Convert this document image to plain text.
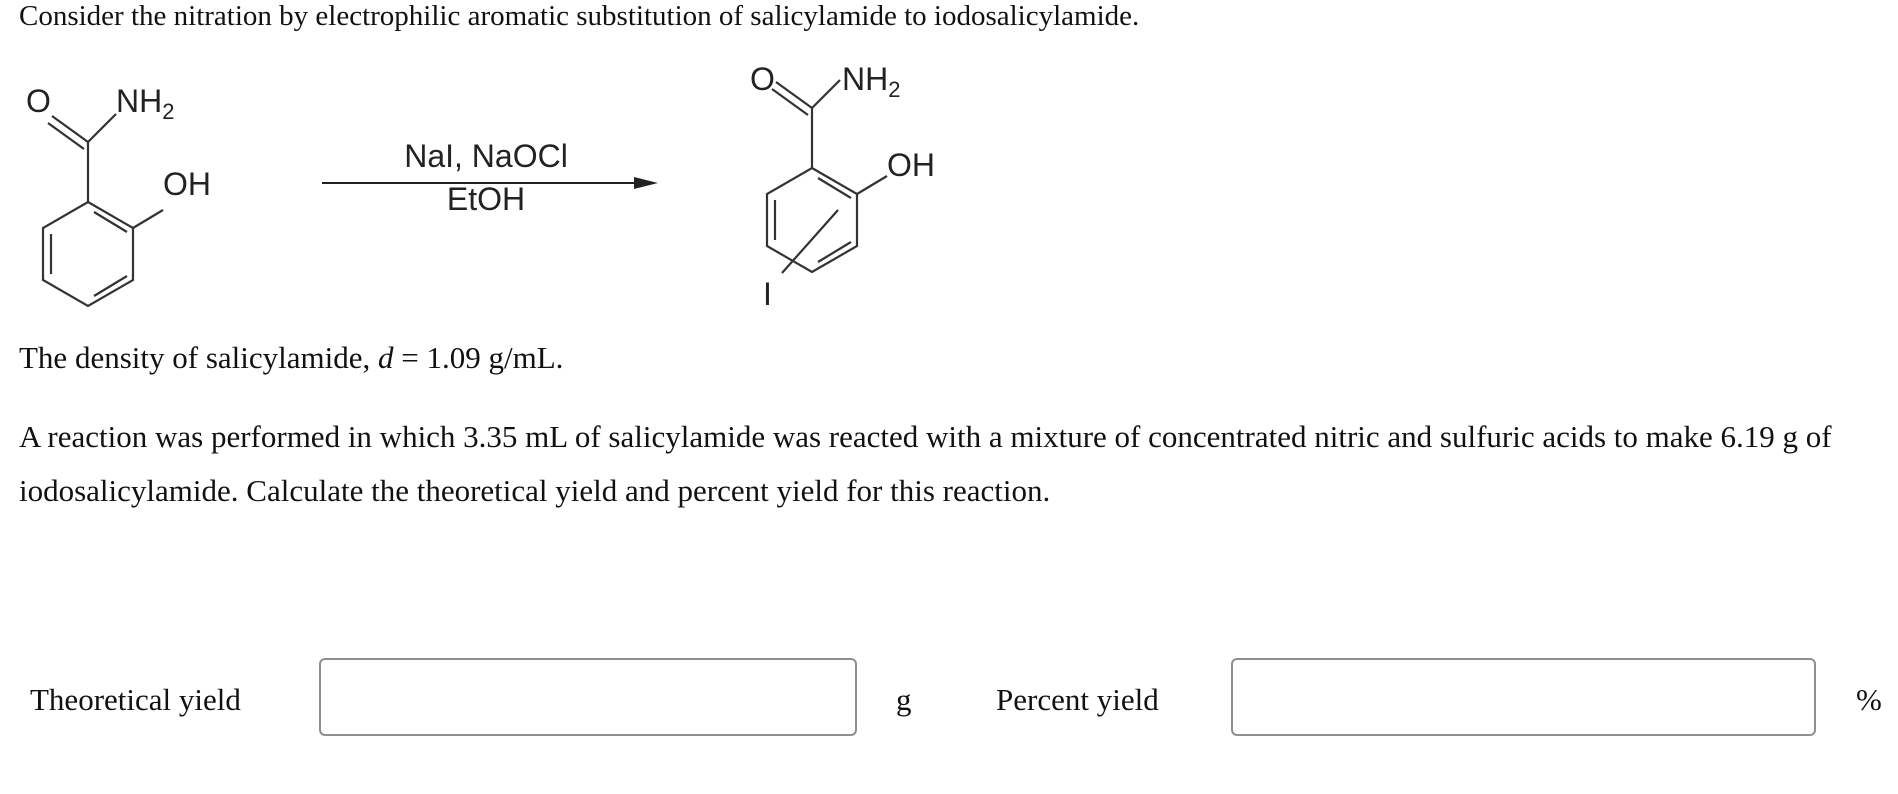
Consider the nitration by electrophilic aromatic substitution of salicylamide to iodosalicylamide.
O $NH_2$
OH
NaI, NaOCl
EtOH
O $NH_2$
OH
I
The density of salicylamide, d = 1.09 g/mL.
A reaction was performed in which 3.35 mL of salicylamide was reacted with a mixture of concentrated nitric and sulfuric acids to make 6.19 g of iodosalicylamide. Calculate the theoretical yield and percent yield for this reaction.
Theoretical yield	g	Percent yield	%
